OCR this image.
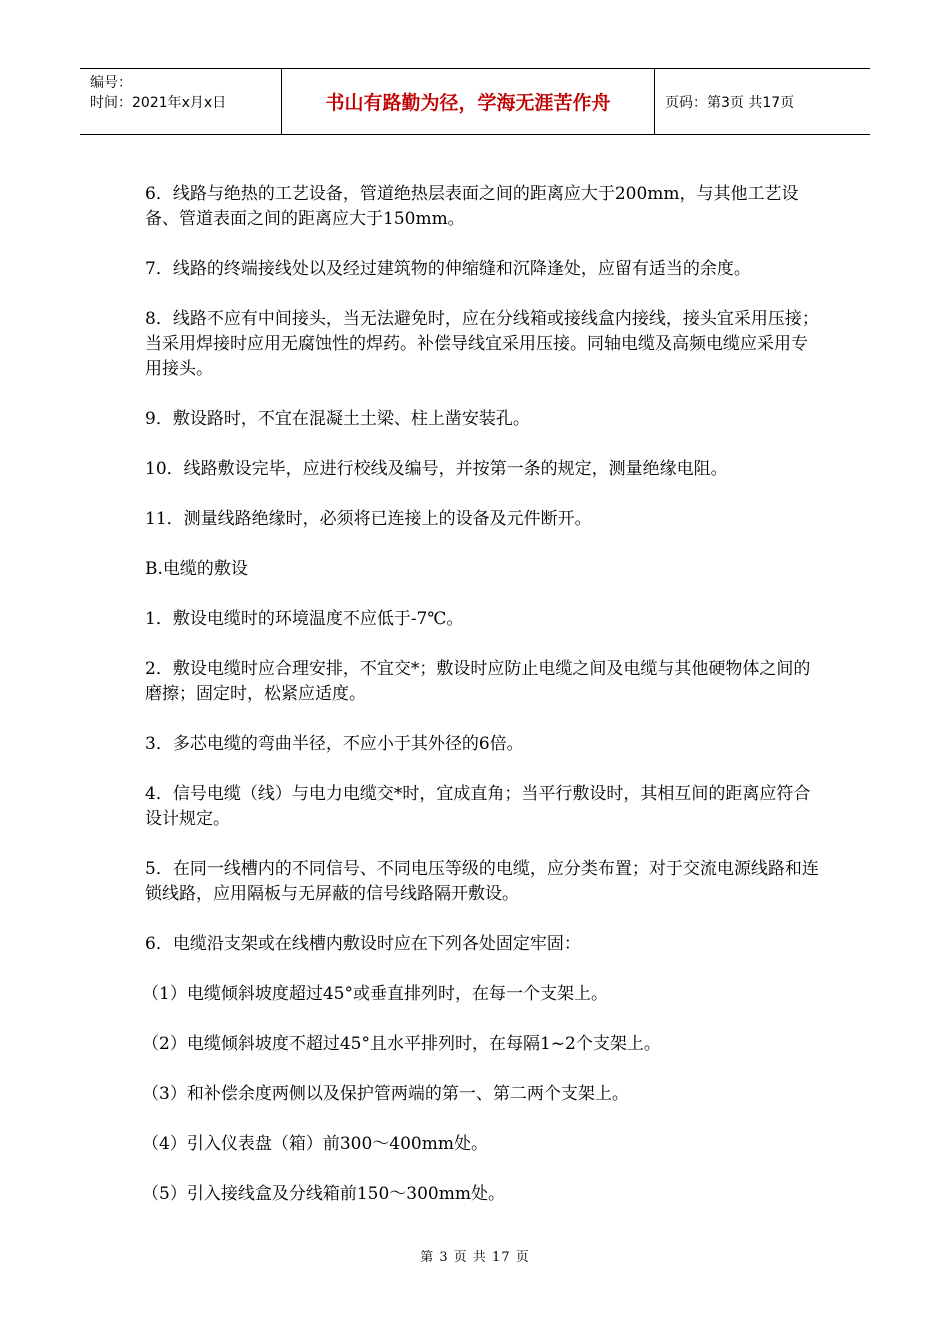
编号：
时间：2021年x月x日	书山有路勤为径，学海无涯苦作舟	页码：第3页 共17页

6．线路与绝热的工艺设备，管道绝热层表面之间的距离应大于200mm，与其他工艺设备、管道表面之间的距离应大于150mm。

7．线路的终端接线处以及经过建筑物的伸缩缝和沉降逢处，应留有适当的余度。

8．线路不应有中间接头，当无法避免时，应在分线箱或接线盒内接线，接头宜采用压接；当采用焊接时应用无腐蚀性的焊药。补偿导线宜采用压接。同轴电缆及高频电缆应采用专用接头。

9．敷设路时，不宜在混凝土土梁、柱上凿安装孔。

10．线路敷设完毕，应进行校线及编号，并按第一条的规定，测量绝缘电阻。

11．测量线路绝缘时，必须将已连接上的设备及元件断开。

B.电缆的敷设

1．敷设电缆时的环境温度不应低于-7℃。

2．敷设电缆时应合理安排，不宜交*；敷设时应防止电缆之间及电缆与其他硬物体之间的磨擦；固定时，松紧应适度。

3．多芯电缆的弯曲半径，不应小于其外径的6倍。

4．信号电缆（线）与电力电缆交*时，宜成直角；当平行敷设时，其相互间的距离应符合设计规定。

5．在同一线槽内的不同信号、不同电压等级的电缆，应分类布置；对于交流电源线路和连锁线路，应用隔板与无屏蔽的信号线路隔开敷设。

6．电缆沿支架或在线槽内敷设时应在下列各处固定牢固：

（1）电缆倾斜坡度超过45°或垂直排列时，在每一个支架上。

（2）电缆倾斜坡度不超过45°且水平排列时，在每隔1~2个支架上。

（3）和补偿余度两侧以及保护管两端的第一、第二两个支架上。

（4）引入仪表盘（箱）前300～400mm处。

（5）引入接线盒及分线箱前150～300mm处。

第 3 页 共 17 页
